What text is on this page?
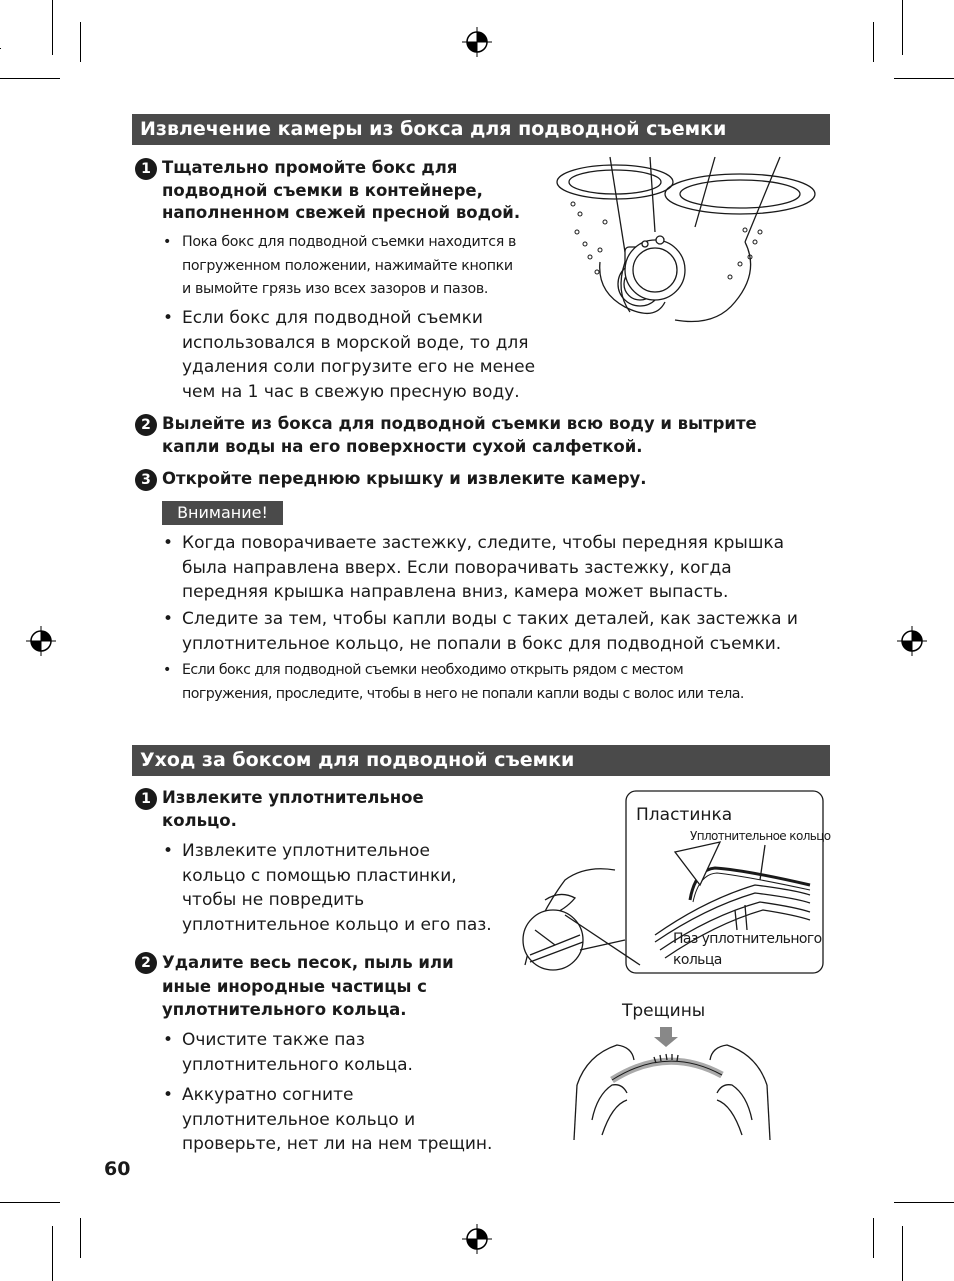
Извлечение камеры из бокса для подводной съемки
1 Тщательно промойте бокс для
подводной съемки в контейнере,
наполненном свежей пресной водой.
• Пока бокс для подводной съемки находится в
погруженном положении, нажимайте кнопки
и вымойте грязь изо всех зазоров и пазов.
• Если бокс для подводной съемки
использовался в морской воде, то для
удаления соли погрузите его не менее
чем на 1 час в свежую пресную воду.
2 Вылейте из бокса для подводной съемки всю воду и вытрите
капли воды на его поверхности сухой салфеткой.
3 Откройте переднюю крышку и извлеките камеру.
Внимание!
• Когда поворачиваете застежку, следите, чтобы передняя крышка
была направлена вверх. Если поворачивать застежку, когда
передняя крышка направлена вниз, камера может выпасть.
• Следите за тем, чтобы капли воды с таких деталей, как застежка и
уплотнительное кольцо, не попали в бокс для подводной съемки.
• Если бокс для подводной съемки необходимо открыть рядом с местом
погружения, проследите, чтобы в него не попали капли воды с волос или тела.
Уход за боксом для подводной съемки
1 Извлеките уплотнительное
кольцо.
• Извлеките уплотнительное
кольцо с помощью пластинки,
чтобы не повредить
уплотнительное кольцо и его паз.
2 Удалите весь песок, пыль или
иные инородные частицы с
уплотнительного кольца.
• Очистите также паз
уплотнительного кольца.
• Аккуратно согните
уплотнительное кольцо и
проверьте, нет ли на нем трещин.
Пластинка
Уплотнительное кольцо
Паз уплотнительного
кольца
Трещины
60
